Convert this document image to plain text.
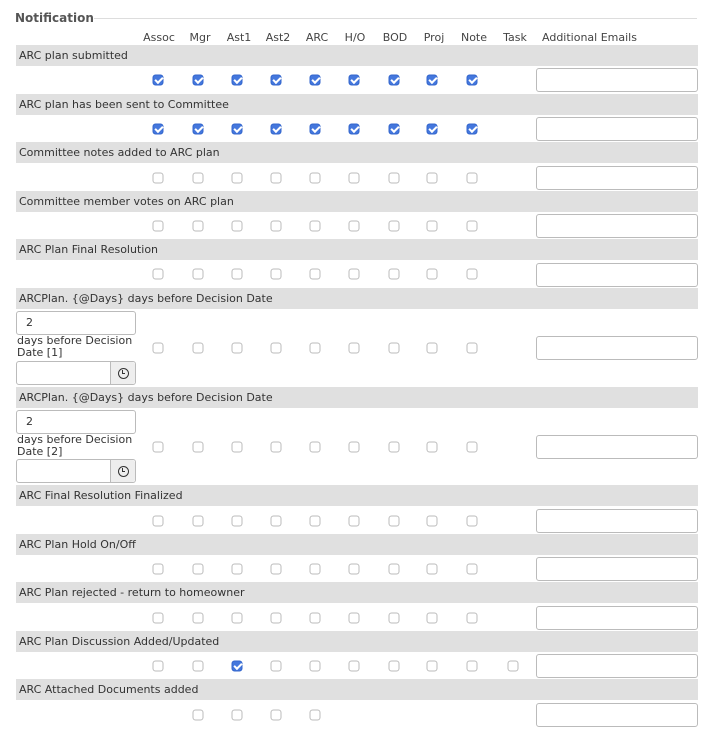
Notification
Assoc Mgr Ast1 Ast2 ARC H/O BOD Proj Note Task Additional Emails
ARC plan submitted
ARC plan has been sent to Committee
Committee notes added to ARC plan
Committee member votes on ARC plan
ARC Plan Final Resolution
ARCPlan. {@Days} days before Decision Date
2
days before Decision Date [1]
ARCPlan. {@Days} days before Decision Date
2
days before Decision Date [2]
ARC Final Resolution Finalized
ARC Plan Hold On/Off
ARC Plan rejected - return to homeowner
ARC Plan Discussion Added/Updated
ARC Attached Documents added
